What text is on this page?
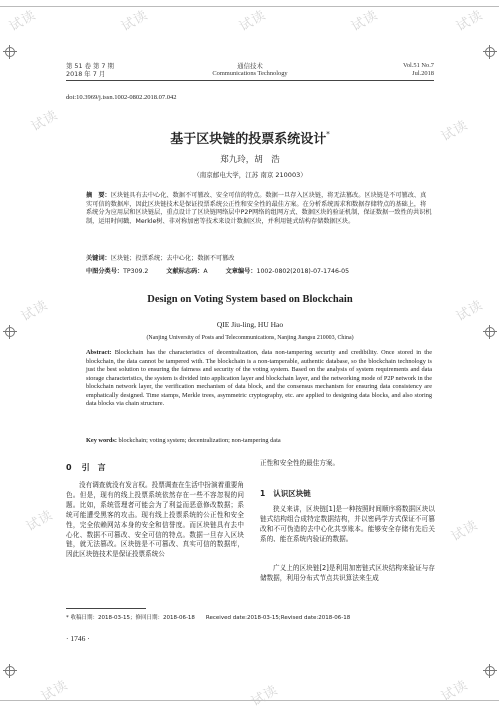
试读	试读	试读	试读	试读
试读	试读
试读	试读
试读	试读
试读	试读	试读
第 51 卷 第 7 期
2018 年 7 月
通信技术
Communications Technology
Vol.51 No.7
Jul.2018
doi:10.3969/j.issn.1002-0802.2018.07.042
基于区块链的投票系统设计*
郑九玲，胡　浩
（南京邮电大学，江苏 南京 210003）
摘　要：区块链具有去中心化、数据不可篡改、安全可信的特点。数据一旦存入区块链，将无法篡改。区块链是不可篡改、真实可信的数据库，因此区块链技术是保证投票系统公正性和安全性的最佳方案。在分析系统需求和数据存储特点的基础上，将系统分为应用层和区块链层，重点设计了区块链网络层中P2P网络的组网方式、数据区块的验证机制，保证数据一致性的共识机制，运用时间戳、Merkle树、非对称加密等技术来设计数据区块，并利用链式结构存储数据区块。
关键词：区块链；投票系统；去中心化；数据不可篡改
中图分类号：TP309.2	文献标志码：A	文章编号：1002-0802(2018)-07-1746-05
Design on Voting System based on Blockchain
QIE Jiu-ling, HU Hao
(Nanjing University of Posts and Telecommunications, Nanjing Jiangsu 210003, China)
Abstract: Blockchain has the characteristics of decentralization, data non-tampering security and credibility. Once stored in the blockchain, the data cannot be tampered with. The blockchain is a non-tamperable, authentic database, so the blockchain technology is just the best solution to ensuring the fairness and security of the voting system. Based on the analysis of system requirements and data storage characteristics, the system is divided into application layer and blockchain layer, and the networking mode of P2P network in the blockchain network layer, the verification mechanism of data block, and the consensus mechanism for ensuring data consistency are emphatically designed. Time stamps, Merkle trees, asymmetric cryptography, etc. are applied to designing data blocks, and also storing data blocks via chain structure.
Key words: blockchain; voting system; decentralization; non-tampering data
0 引　言
没有调查就没有发言权。投票调查在生活中扮演着重要角色。但是，现有的线上投票系统依然存在一些不容忽视的问题。比如，系统管理者可能会为了利益而恶意修改数据；系统可能遭受黑客的攻击。现有线上投票系统的公正性和安全性，完全依赖网站本身的安全和信誉度。而区块链具有去中心化、数据不可篡改、安全可信的特点。数据一旦存入区块链，就无法篡改。区块链是不可篡改、真实可信的数据库，因此区块链技术是保证投票系统公
正性和安全性的最佳方案。
1 认识区块链
狭义来讲，区块链[1]是一种按照时间顺序将数据区块以链式结构组合成特定数据结构，并以密码学方式保证不可篡改和不可伪造的去中心化共享账本。能够安全存储有先后关系的、能在系统内验证的数据。
广义上的区块链[2]是利用加密链式区块结构来验证与存储数据，利用分布式节点共识算法来生成
* 收稿日期：2018-03-15；修回日期：2018-06-18　　Received date:2018-03-15;Revised date:2018-06-18
· 1746 ·
